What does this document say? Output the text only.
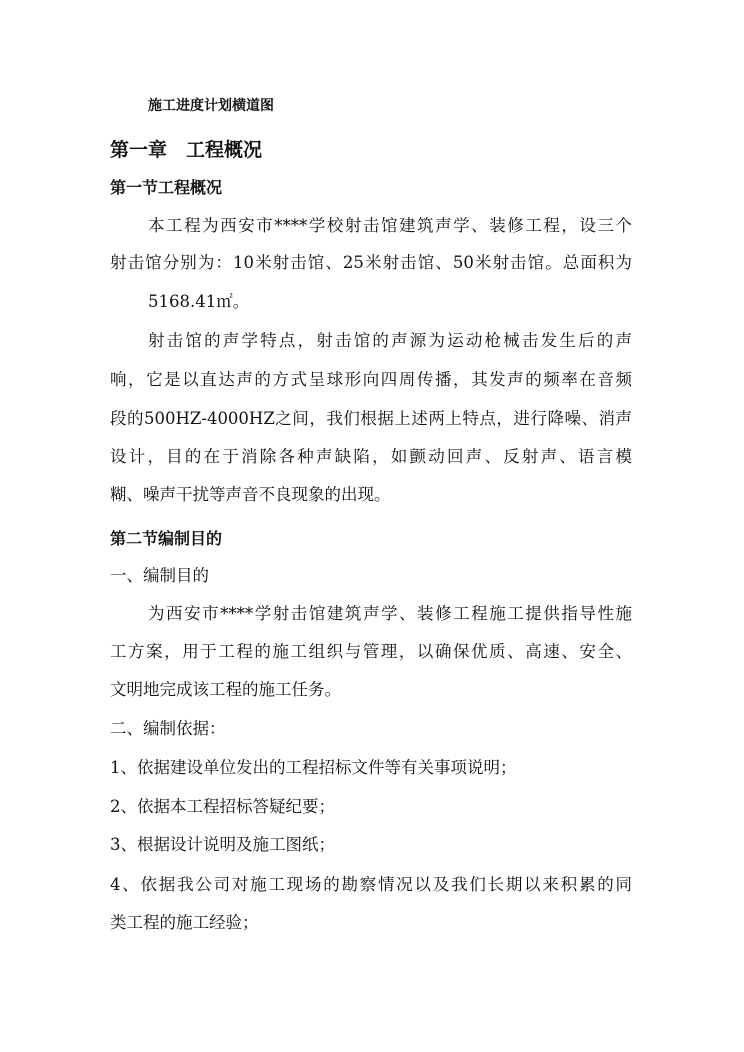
施工进度计划横道图
第一章　工程概况
第一节工程概况
本工程为西安市****学校射击馆建筑声学、装修工程，设三个
射击馆分别为：10米射击馆、25米射击馆、50米射击馆。总面积为
5168.41㎡。
射击馆的声学特点，射击馆的声源为运动枪械击发生后的声
响，它是以直达声的方式呈球形向四周传播，其发声的频率在音频
段的500HZ-4000HZ之间，我们根据上述两上特点，进行降噪、消声
设计，目的在于消除各种声缺陷，如颤动回声、反射声、语言模
糊、噪声干扰等声音不良现象的出现。
第二节编制目的
一、编制目的
为西安市****学射击馆建筑声学、装修工程施工提供指导性施
工方案，用于工程的施工组织与管理，以确保优质、高速、安全、
文明地完成该工程的施工任务。
二、编制依据：
1、依据建设单位发出的工程招标文件等有关事项说明；
2、依据本工程招标答疑纪要；
3、根据设计说明及施工图纸；
4、依据我公司对施工现场的勘察情况以及我们长期以来积累的同
类工程的施工经验；
